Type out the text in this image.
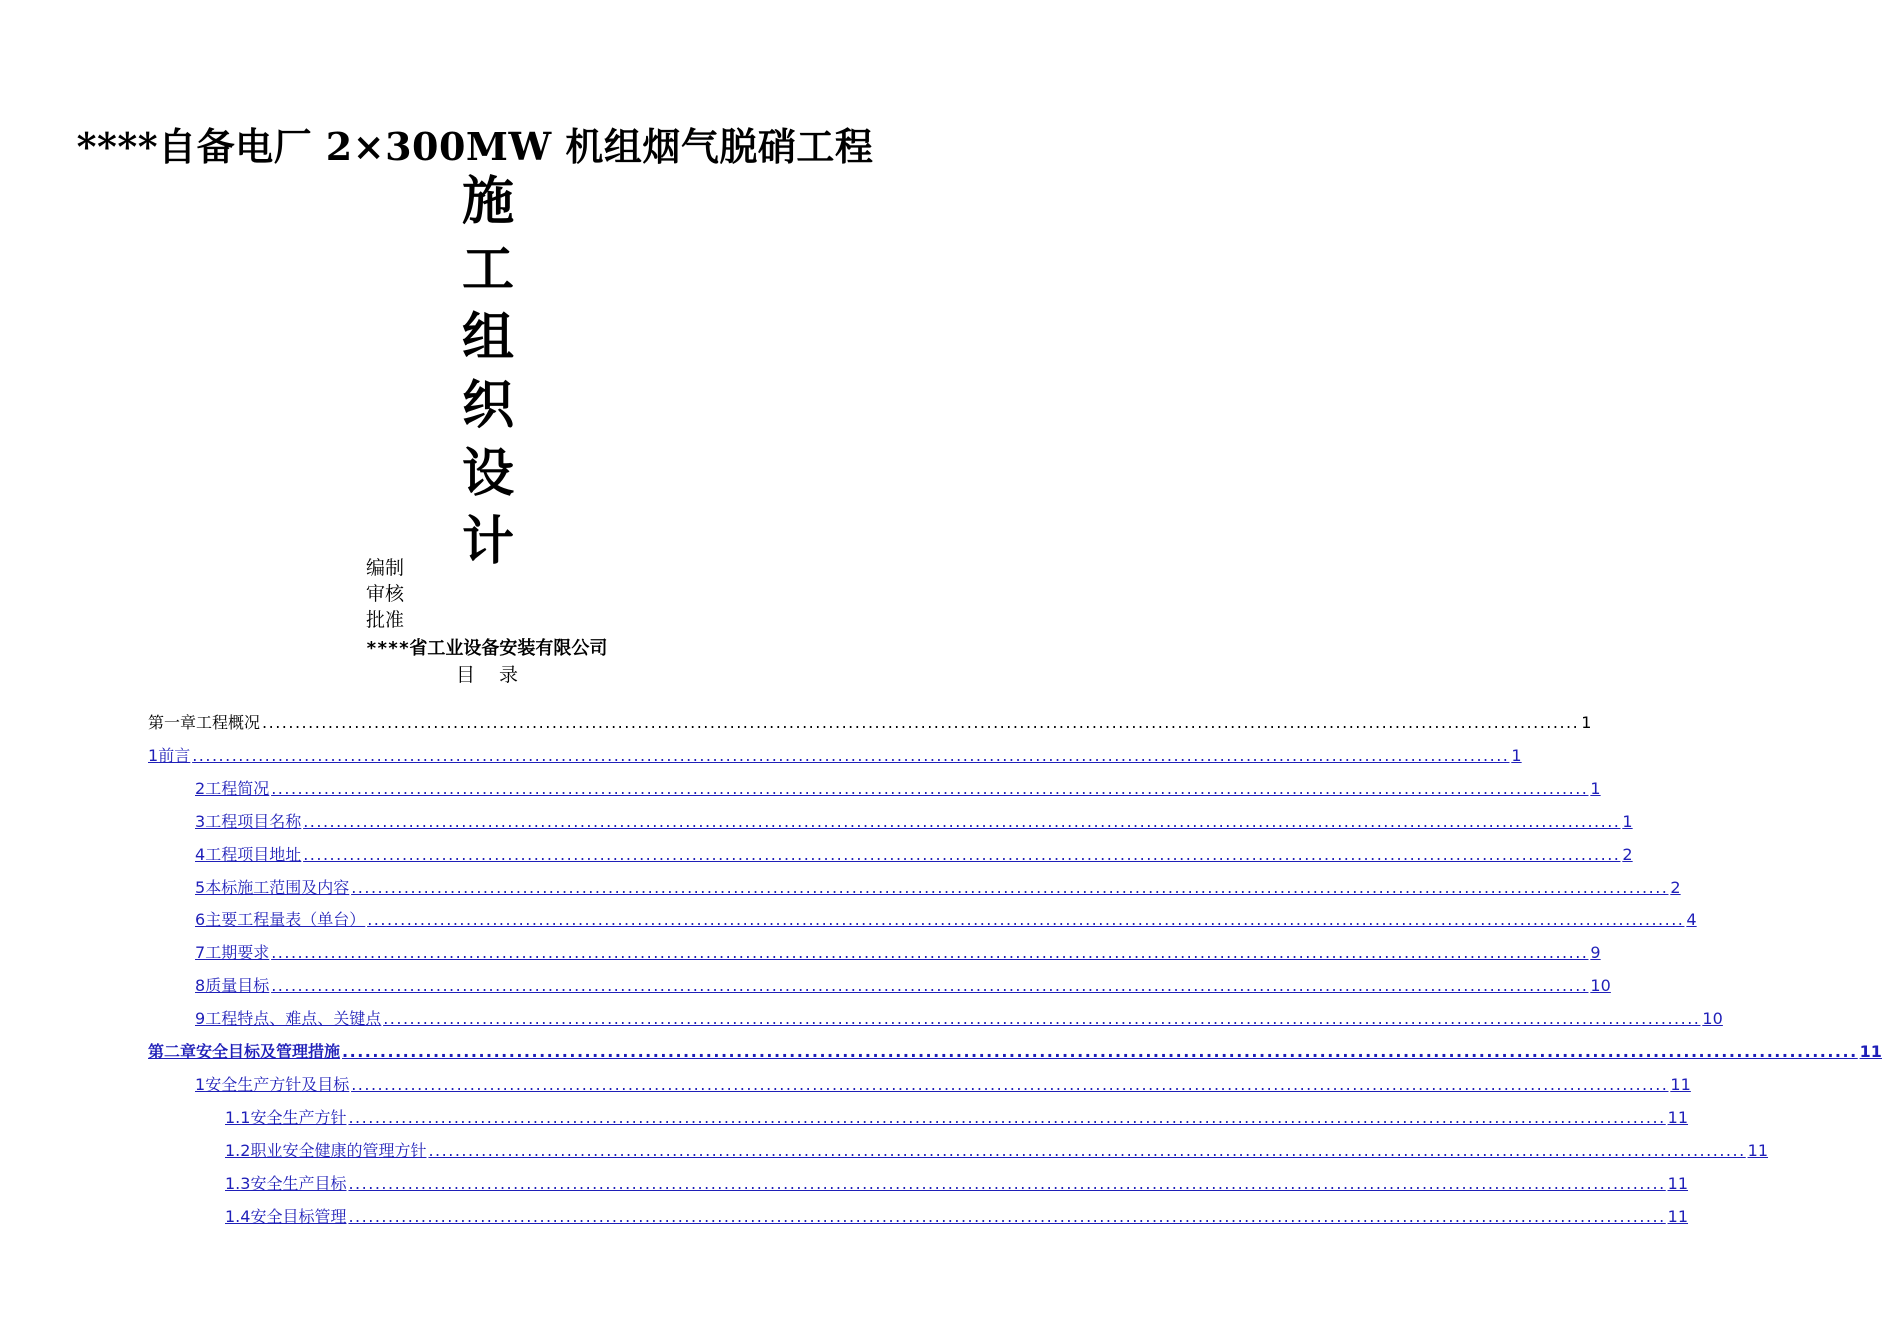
****自备电厂 2×300MW 机组烟气脱硝工程
施
工
组
织
设
计
编制
审核
批准
****省工业设备安装有限公司
目录
第一章 工程概况 ........................................................................................................................................................................................................ 1
1 前言 ........................................................................................................................................................................................................ 1
2 工程简况 ........................................................................................................................................................................................................ 1
3 工程项目名称 ........................................................................................................................................................................................................ 1
4 工程项目地址 ........................................................................................................................................................................................................ 2
5 本标施工范围及内容 ........................................................................................................................................................................................................ 2
6 主要工程量表（单台） ........................................................................................................................................................................................................ 4
7 工期要求 ........................................................................................................................................................................................................ 9
8 质量目标 ........................................................................................................................................................................................................ 10
9 工程特点、难点、关键点 ........................................................................................................................................................................................................ 10
第二章 安全目标及管理措施 ........................................................................................................................................................................................................ 11
1 安全生产方针及目标 ........................................................................................................................................................................................................ 11
1.1 安全生产方针 ........................................................................................................................................................................................................ 11
1.2 职业安全健康的管理方针 ........................................................................................................................................................................................................ 11
1.3 安全生产目标 ........................................................................................................................................................................................................ 11
1.4 安全目标管理 ........................................................................................................................................................................................................ 11
